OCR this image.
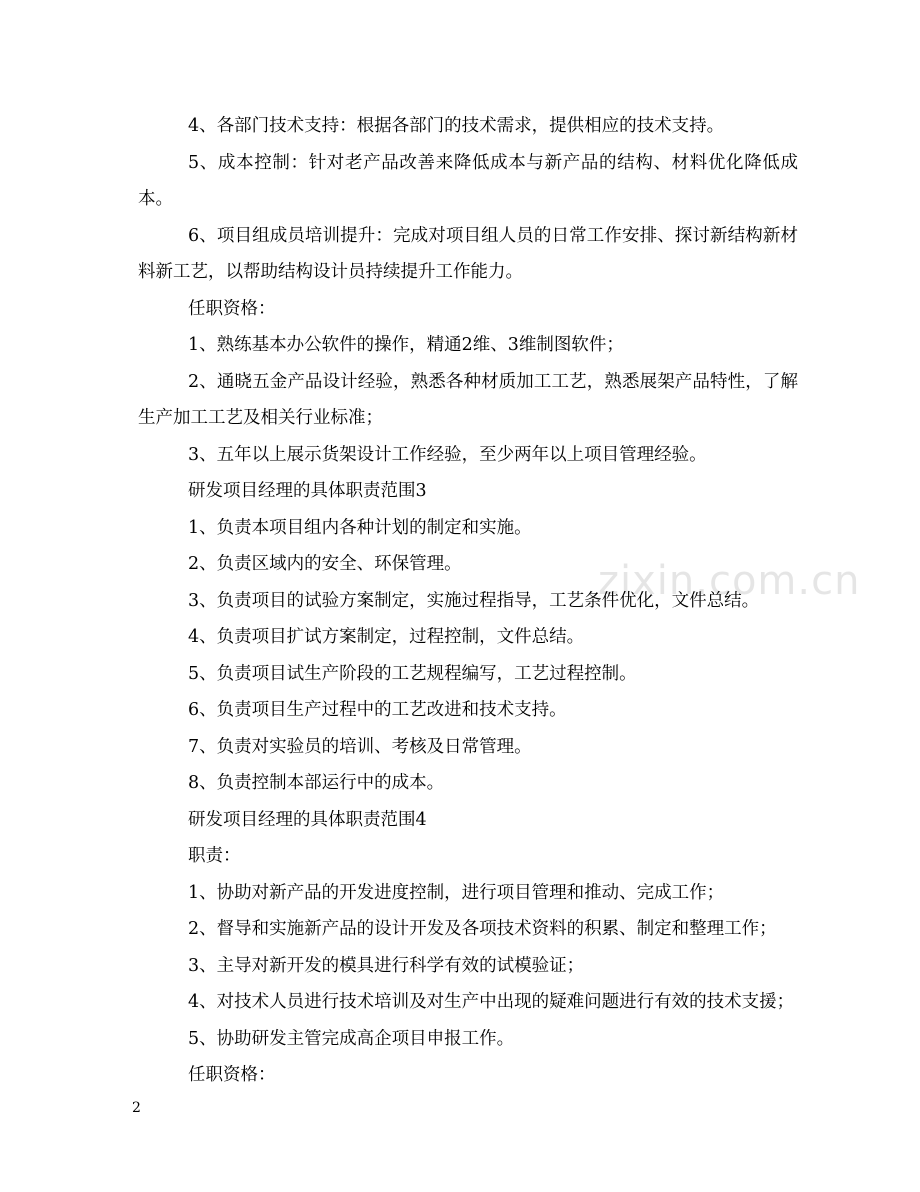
4、各部门技术支持：根据各部门的技术需求，提供相应的技术支持。

5、成本控制：针对老产品改善来降低成本与新产品的结构、材料优化降低成本。

6、项目组成员培训提升：完成对项目组人员的日常工作安排、探讨新结构新材料新工艺，以帮助结构设计员持续提升工作能力。

任职资格：

1、熟练基本办公软件的操作，精通2维、3维制图软件；

2、通晓五金产品设计经验，熟悉各种材质加工工艺，熟悉展架产品特性，了解生产加工工艺及相关行业标准；

3、五年以上展示货架设计工作经验，至少两年以上项目管理经验。

研发项目经理的具体职责范围3

1、负责本项目组内各种计划的制定和实施。

2、负责区域内的安全、环保管理。

3、负责项目的试验方案制定，实施过程指导，工艺条件优化，文件总结。

4、负责项目扩试方案制定，过程控制，文件总结。

5、负责项目试生产阶段的工艺规程编写，工艺过程控制。

6、负责项目生产过程中的工艺改进和技术支持。

7、负责对实验员的培训、考核及日常管理。

8、负责控制本部运行中的成本。

研发项目经理的具体职责范围4

职责：

1、协助对新产品的开发进度控制，进行项目管理和推动、完成工作；

2、督导和实施新产品的设计开发及各项技术资料的积累、制定和整理工作；

3、主导对新开发的模具进行科学有效的试模验证；

4、对技术人员进行技术培训及对生产中出现的疑难问题进行有效的技术支援；

5、协助研发主管完成高企项目申报工作。

任职资格：

zixin.com.cn
2
